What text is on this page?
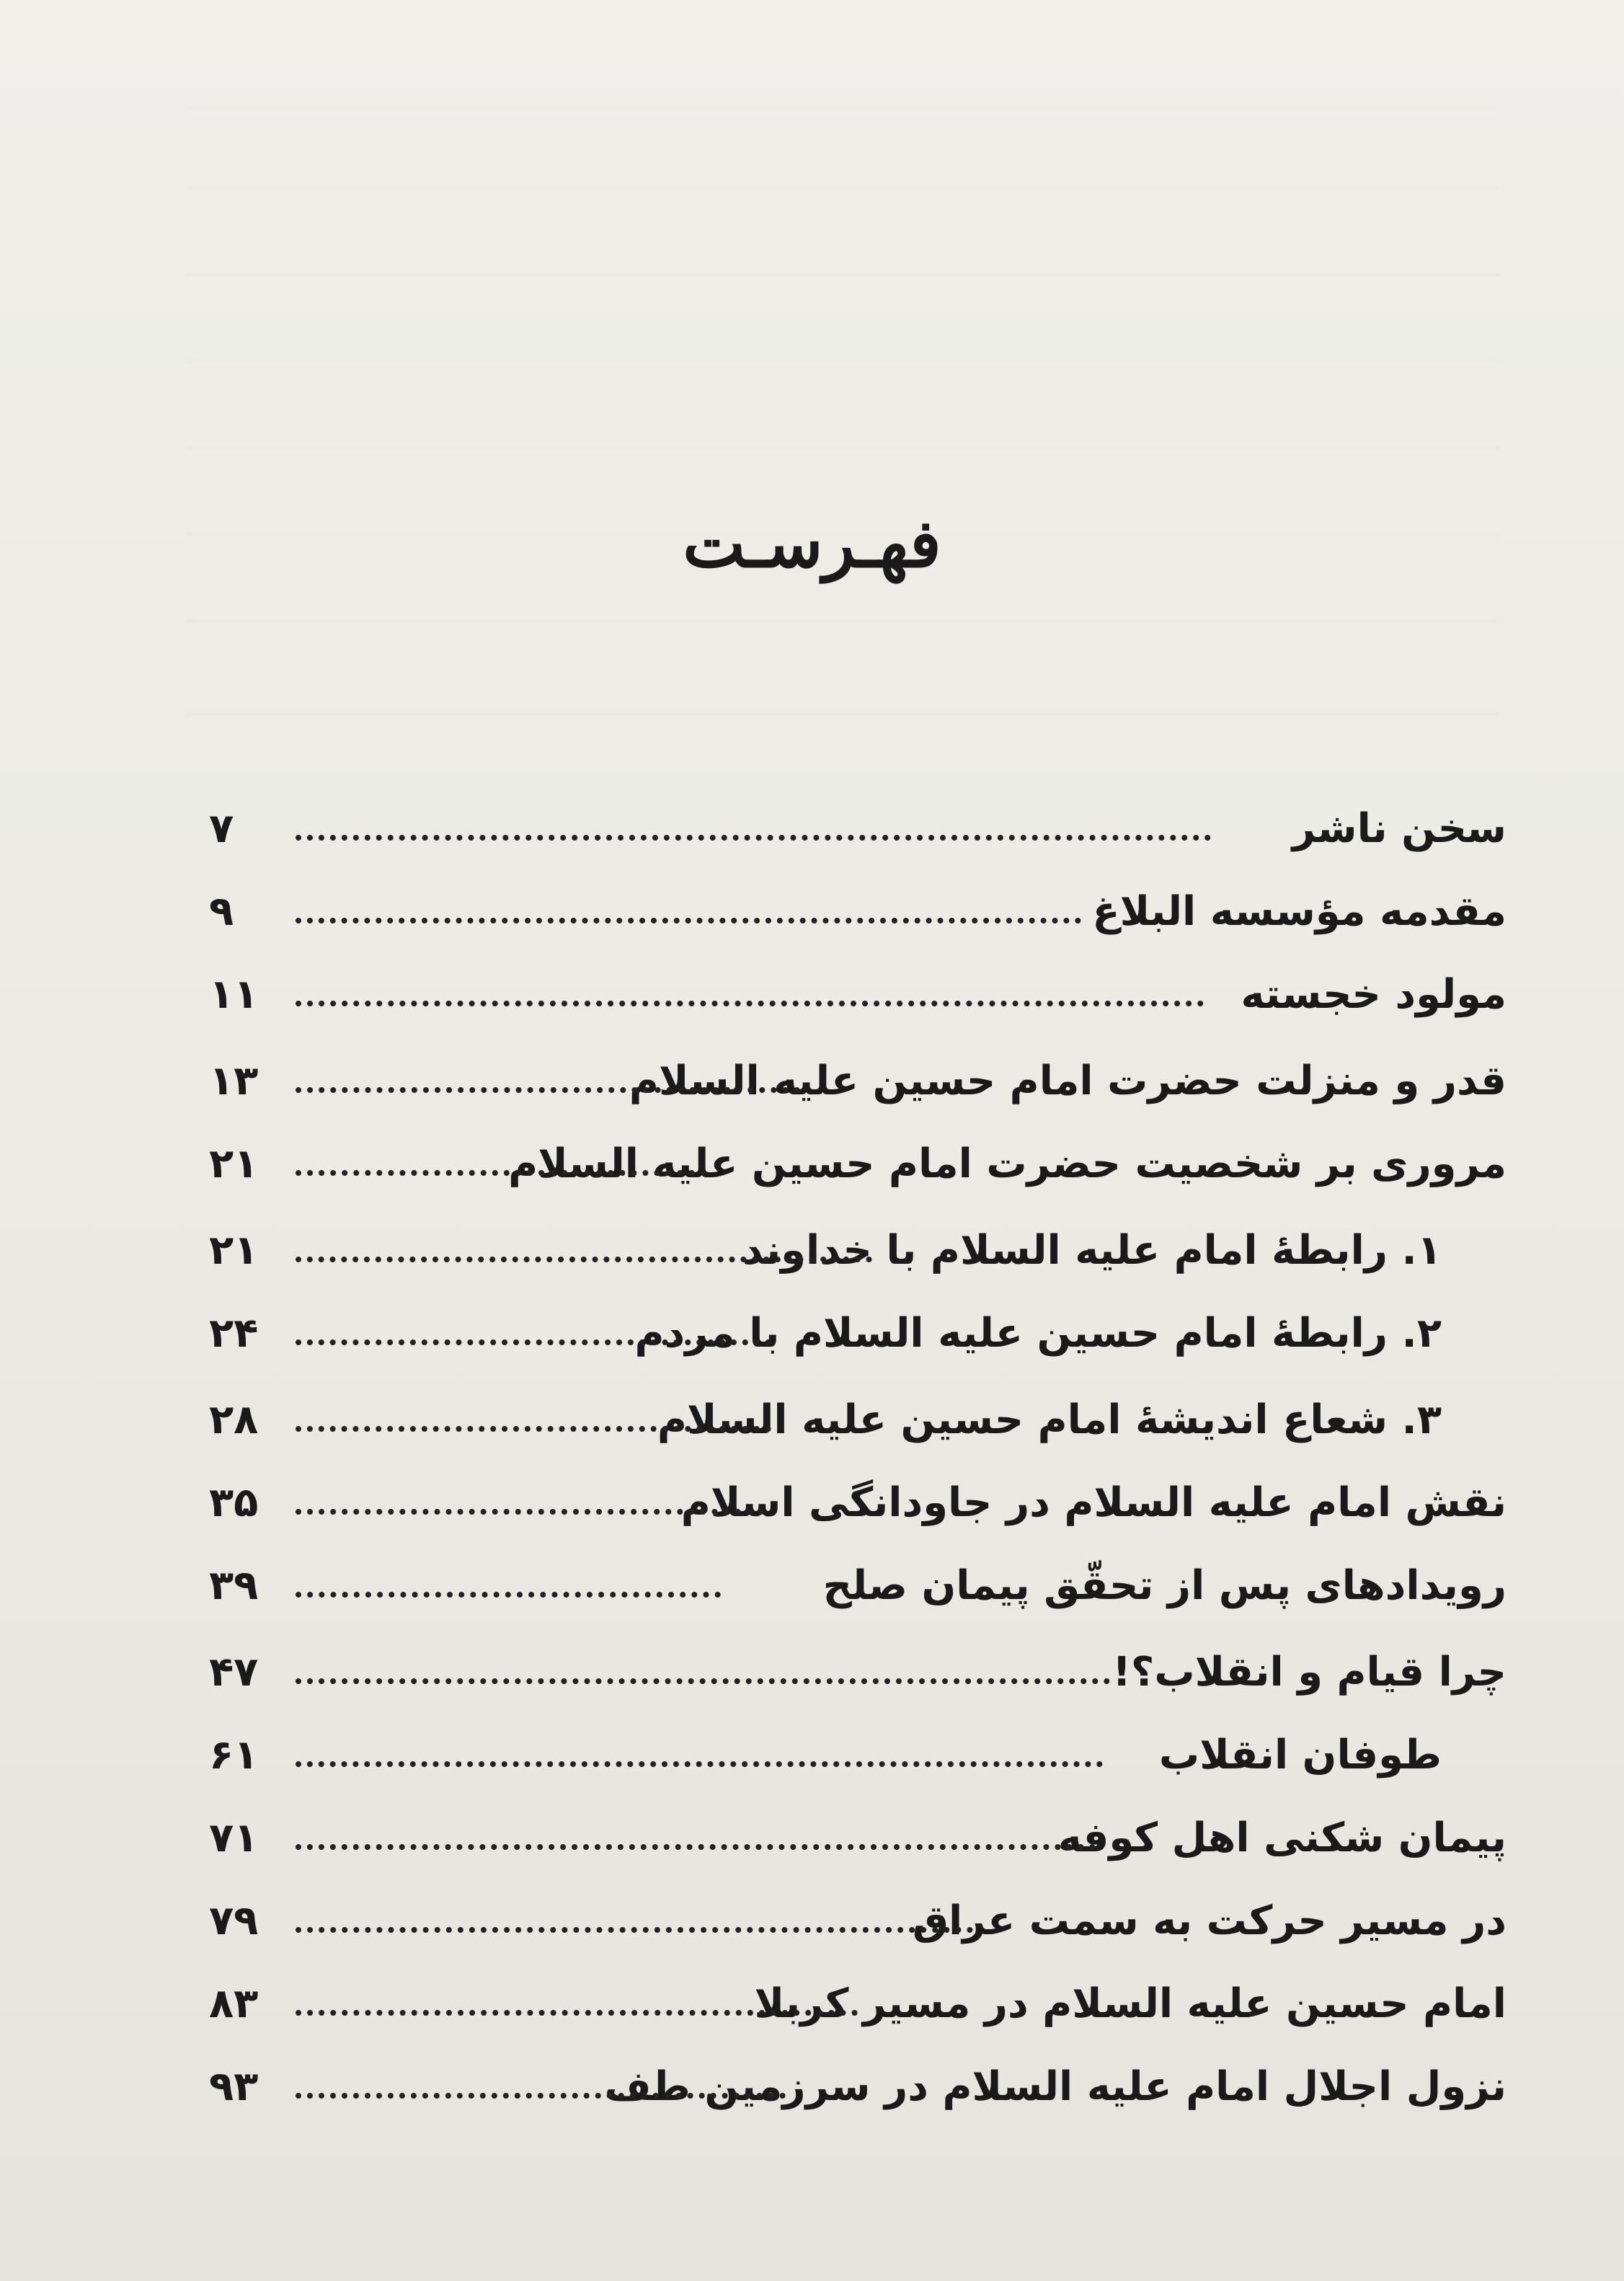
فهـرسـت
سخن ناشر
۷
مقدمه مؤسسه البلاغ
۹
مولود خجسته
۱۱
قدر و منزلت حضرت امام حسین علیه السلام
۱۳
مروری بر شخصیت حضرت امام حسین علیه السلام
۲۱
۱. رابطهٔ امام علیه السلام با خداوند
۲۱
۲. رابطهٔ امام حسین علیه السلام با مردم
۲۴
۳. شعاع اندیشهٔ امام حسین علیه السلام
۲۸
نقش امام علیه السلام در جاودانگی اسلام
۳۵
رویدادهای پس از تحقّق پیمان صلح
۳۹
چرا قیام و انقلاب؟!
۴۷
طوفان انقلاب
۶۱
پیمان شکنی اهل کوفه
۷۱
در مسیر حرکت به سمت عراق
۷۹
امام حسین علیه السلام در مسیر کربلا
۸۳
نزول اجلال امام علیه السلام در سرزمین طف
۹۳
